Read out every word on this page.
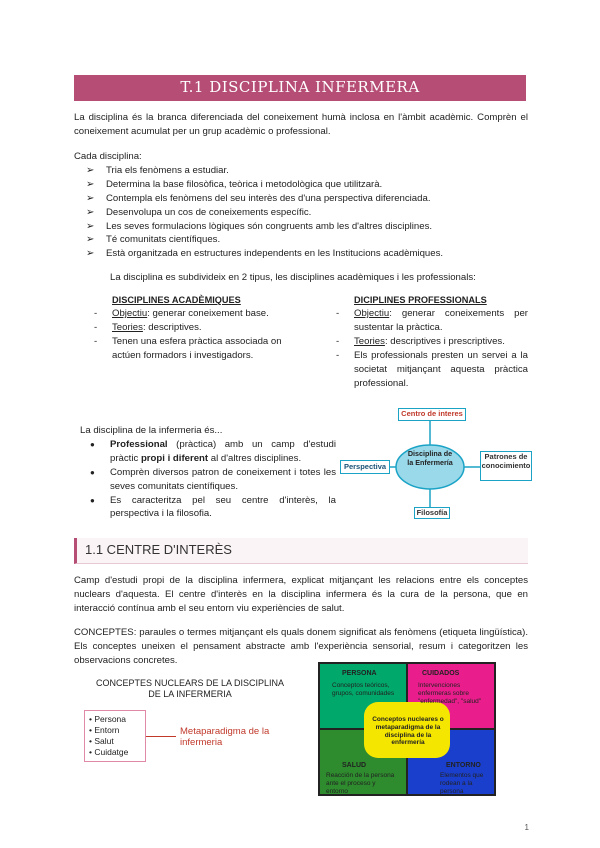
T.1 DISCIPLINA INFERMERA
La disciplina és la branca diferenciada del coneixement humà inclosa en l'àmbit acadèmic. Comprèn el coneixement acumulat per un grup acadèmic o professional.
Cada disciplina:
➢ Tria els fenòmens a estudiar.
➢ Determina la base filosòfica, teòrica i metodològica que utilitzarà.
➢ Contempla els fenòmens del seu interès des d'una perspectiva diferenciada.
➢ Desenvolupa un cos de coneixements específic.
➢ Les seves formulacions lògiques són congruents amb les d'altres disciplines.
➢ Té comunitats científiques.
➢ Està organitzada en estructures independents en les Institucions acadèmiques.
La disciplina es subdivideix en 2 tipus, les disciplines acadèmiques i les professionals:
DISCIPLINES ACADÈMIQUES
- Objectiu: generar coneixement base.
- Teories: descriptives.
- Tenen una esfera pràctica associada on actúen formadors i investigadors.
DICIPLINES PROFESSIONALS
- Objectiu: generar coneixements per sustentar la pràctica.
- Teories: descriptives i prescriptives.
- Els professionals presten un servei a la societat mitjançant aquesta pràctica professional.
La disciplina de la infermeria és...
● Professional (pràctica) amb un camp d'estudi pràctic propi i diferent al d'altres disciplines.
● Comprèn diversos patron de coneixement i totes les seves comunitats científiques.
● Es caracteritza pel seu centre d'interès, la perspectiva i la filosofia.
Centro de interes
Disciplina de la Enfermería
Perspectiva
Patrones de conocimiento
Filosofía
1.1 CENTRE D'INTERÈS
Camp d'estudi propi de la disciplina infermera, explicat mitjançant les relacions entre els conceptes nuclears d'aquesta. El centre d'interès en la disciplina infermera és la cura de la persona, que en interacció contínua amb el seu entorn viu experiències de salut.
CONCEPTES: paraules o termes mitjançant els quals donem significat als fenòmens (etiqueta lingüística). Els conceptes uneixen el pensament abstracte amb l'experiència sensorial, resum i categoritzen les observacions concretes.
CONCEPTES NUCLEARS DE LA DISCIPLINA DE LA INFERMERIA
• Persona
• Entorn
• Salut
• Cuidatge
Metaparadigma de la infermeria
PERSONA
Conceptos teóricos, grupos, comunidades
CUIDADOS
Intervenciones enfermeras sobre "enfermedad", "salud"
Conceptos nucleares o metaparadigma de la disciplina de la enfermería
SALUD
Reacción de la persona ante el proceso y entorno
ENTORNO
Elementos que rodean a la persona
1
